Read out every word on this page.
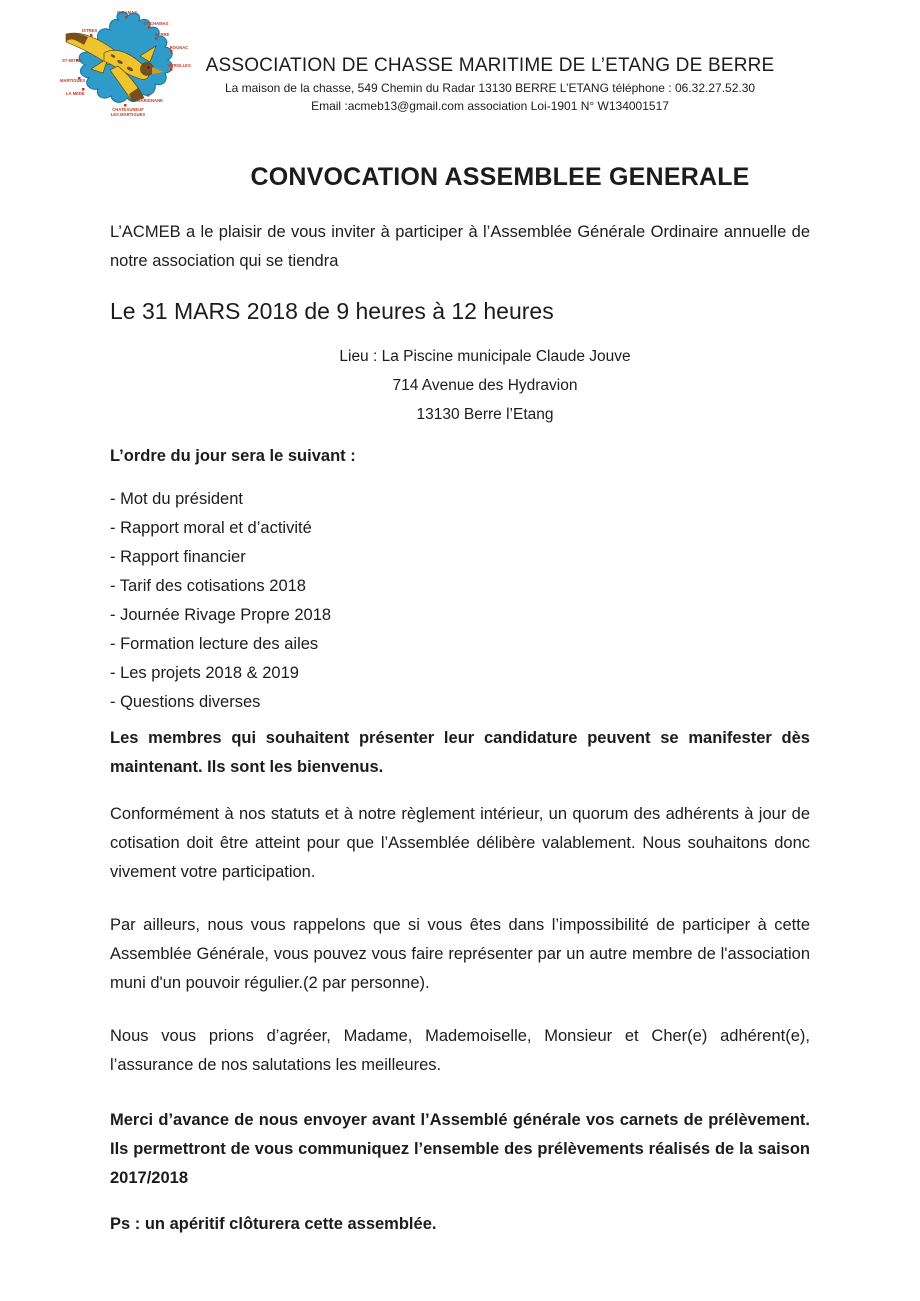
MIRAMAS
ST CHAMAS
BERRE
ROGNAC
VITROLLES
MARIGNANE
CHATEAUNEUF
LES MARTIGUES
LA MEDE
MARTIGUES
ST MITRE
ISTRES
ASSOCIATION DE CHASSE MARITIME DE L’ETANG DE BERRE
La maison de la chasse, 549 Chemin du Radar 13130 BERRE L’ETANG téléphone : 06.32.27.52.30
Email :acmeb13@gmail.com association Loi-1901 N° W134001517
CONVOCATION ASSEMBLEE GENERALE

L’ACMEB a le plaisir de vous inviter à participer à l’Assemblée Générale Ordinaire annuelle de notre association qui se tiendra

Le 31 MARS 2018 de 9 heures à 12 heures
Lieu : La Piscine municipale Claude Jouve
714 Avenue des Hydravion
13130 Berre l’Etang
L’ordre du jour sera le suivant :
- Mot du président
- Rapport moral et d’activité
- Rapport financier
- Tarif des cotisations 2018
- Journée Rivage Propre 2018
- Formation lecture des ailes
- Les projets 2018 & 2019
- Questions diverses

Les membres qui souhaitent présenter leur candidature peuvent se manifester dès maintenant. Ils sont les bienvenus.

Conformément à nos statuts et à notre règlement intérieur, un quorum des adhérents à jour de cotisation doit être atteint pour que l’Assemblée délibère valablement. Nous souhaitons donc vivement votre participation.

Par ailleurs, nous vous rappelons que si vous êtes dans l’impossibilité de participer à cette Assemblée Générale, vous pouvez vous faire représenter par un autre membre de l'association muni d'un pouvoir régulier.(2 par personne).

Nous vous prions d’agréer, Madame, Mademoiselle, Monsieur et Cher(e) adhérent(e), l’assurance de nos salutations les meilleures.

Merci d’avance de nous envoyer avant l’Assemblé générale vos carnets de prélèvement. Ils permettront de vous communiquez l’ensemble des prélèvements réalisés de la saison 2017/2018

Ps : un apéritif clôturera cette assemblée.
